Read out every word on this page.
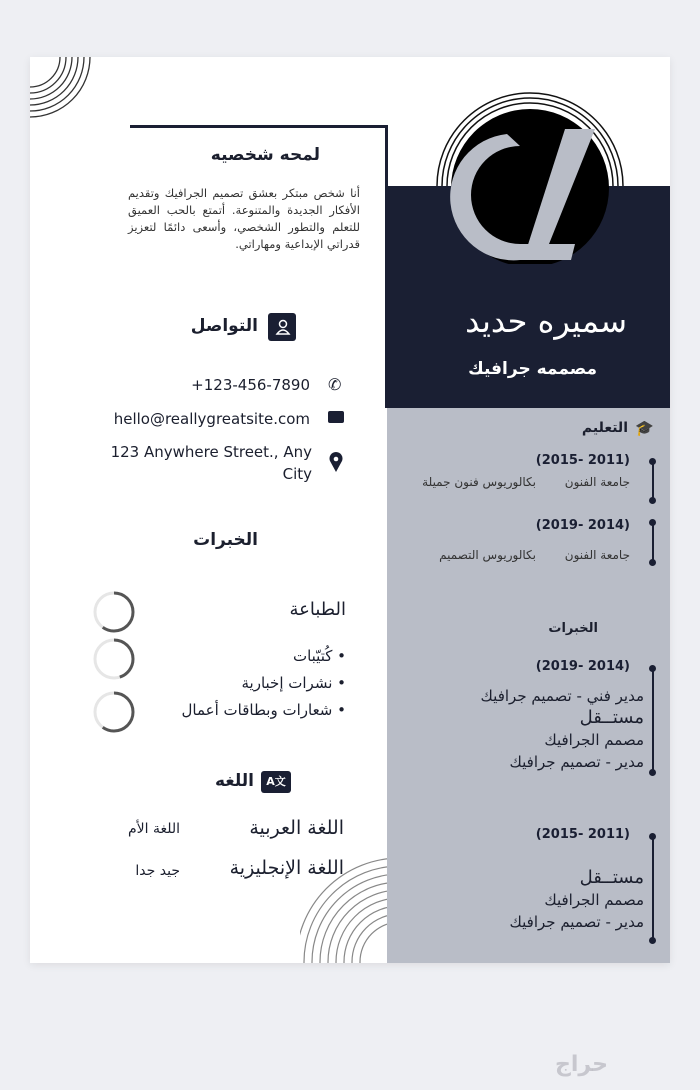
سميره حديد
مصممه جرافيك
لمحه شخصيه
أنا شخص مبتكر بعشق تصميم الجرافيك وتقديم الأفكار الجديدة والمتنوعة. أتمتع بالحب العميق للتعلم والتطور الشخصي، وأسعى دائمًا لتعزيز قدراتي الإبداعية ومهاراتي.
التواصل
✆
+123-456-7890
hello@reallygreatsite.com
123 Anywhere Street., Any City
الخبرات
الطباعة
• كُتيّبات
• نشرات إخبارية
• شعارات وبطاقات أعمال
A文
اللغه
اللغة العربية
اللغة الأم
اللغة الإنجليزية
جيد جدا
🎓
التعليم
(2011 -2015)
جامعة الفنون
بكالوريوس فنون جميلة
(2014 -2019)
جامعة الفنون
بكالوريوس التصميم
الخبرات
(2014 -2019)
مدير فني - تصميم جرافيك
مستــقل
مصمم الجرافيك
مدير - تصميم جرافيك
(2011 -2015)
مستــقل
مصمم الجرافيك
مدير - تصميم جرافيك
حراج
